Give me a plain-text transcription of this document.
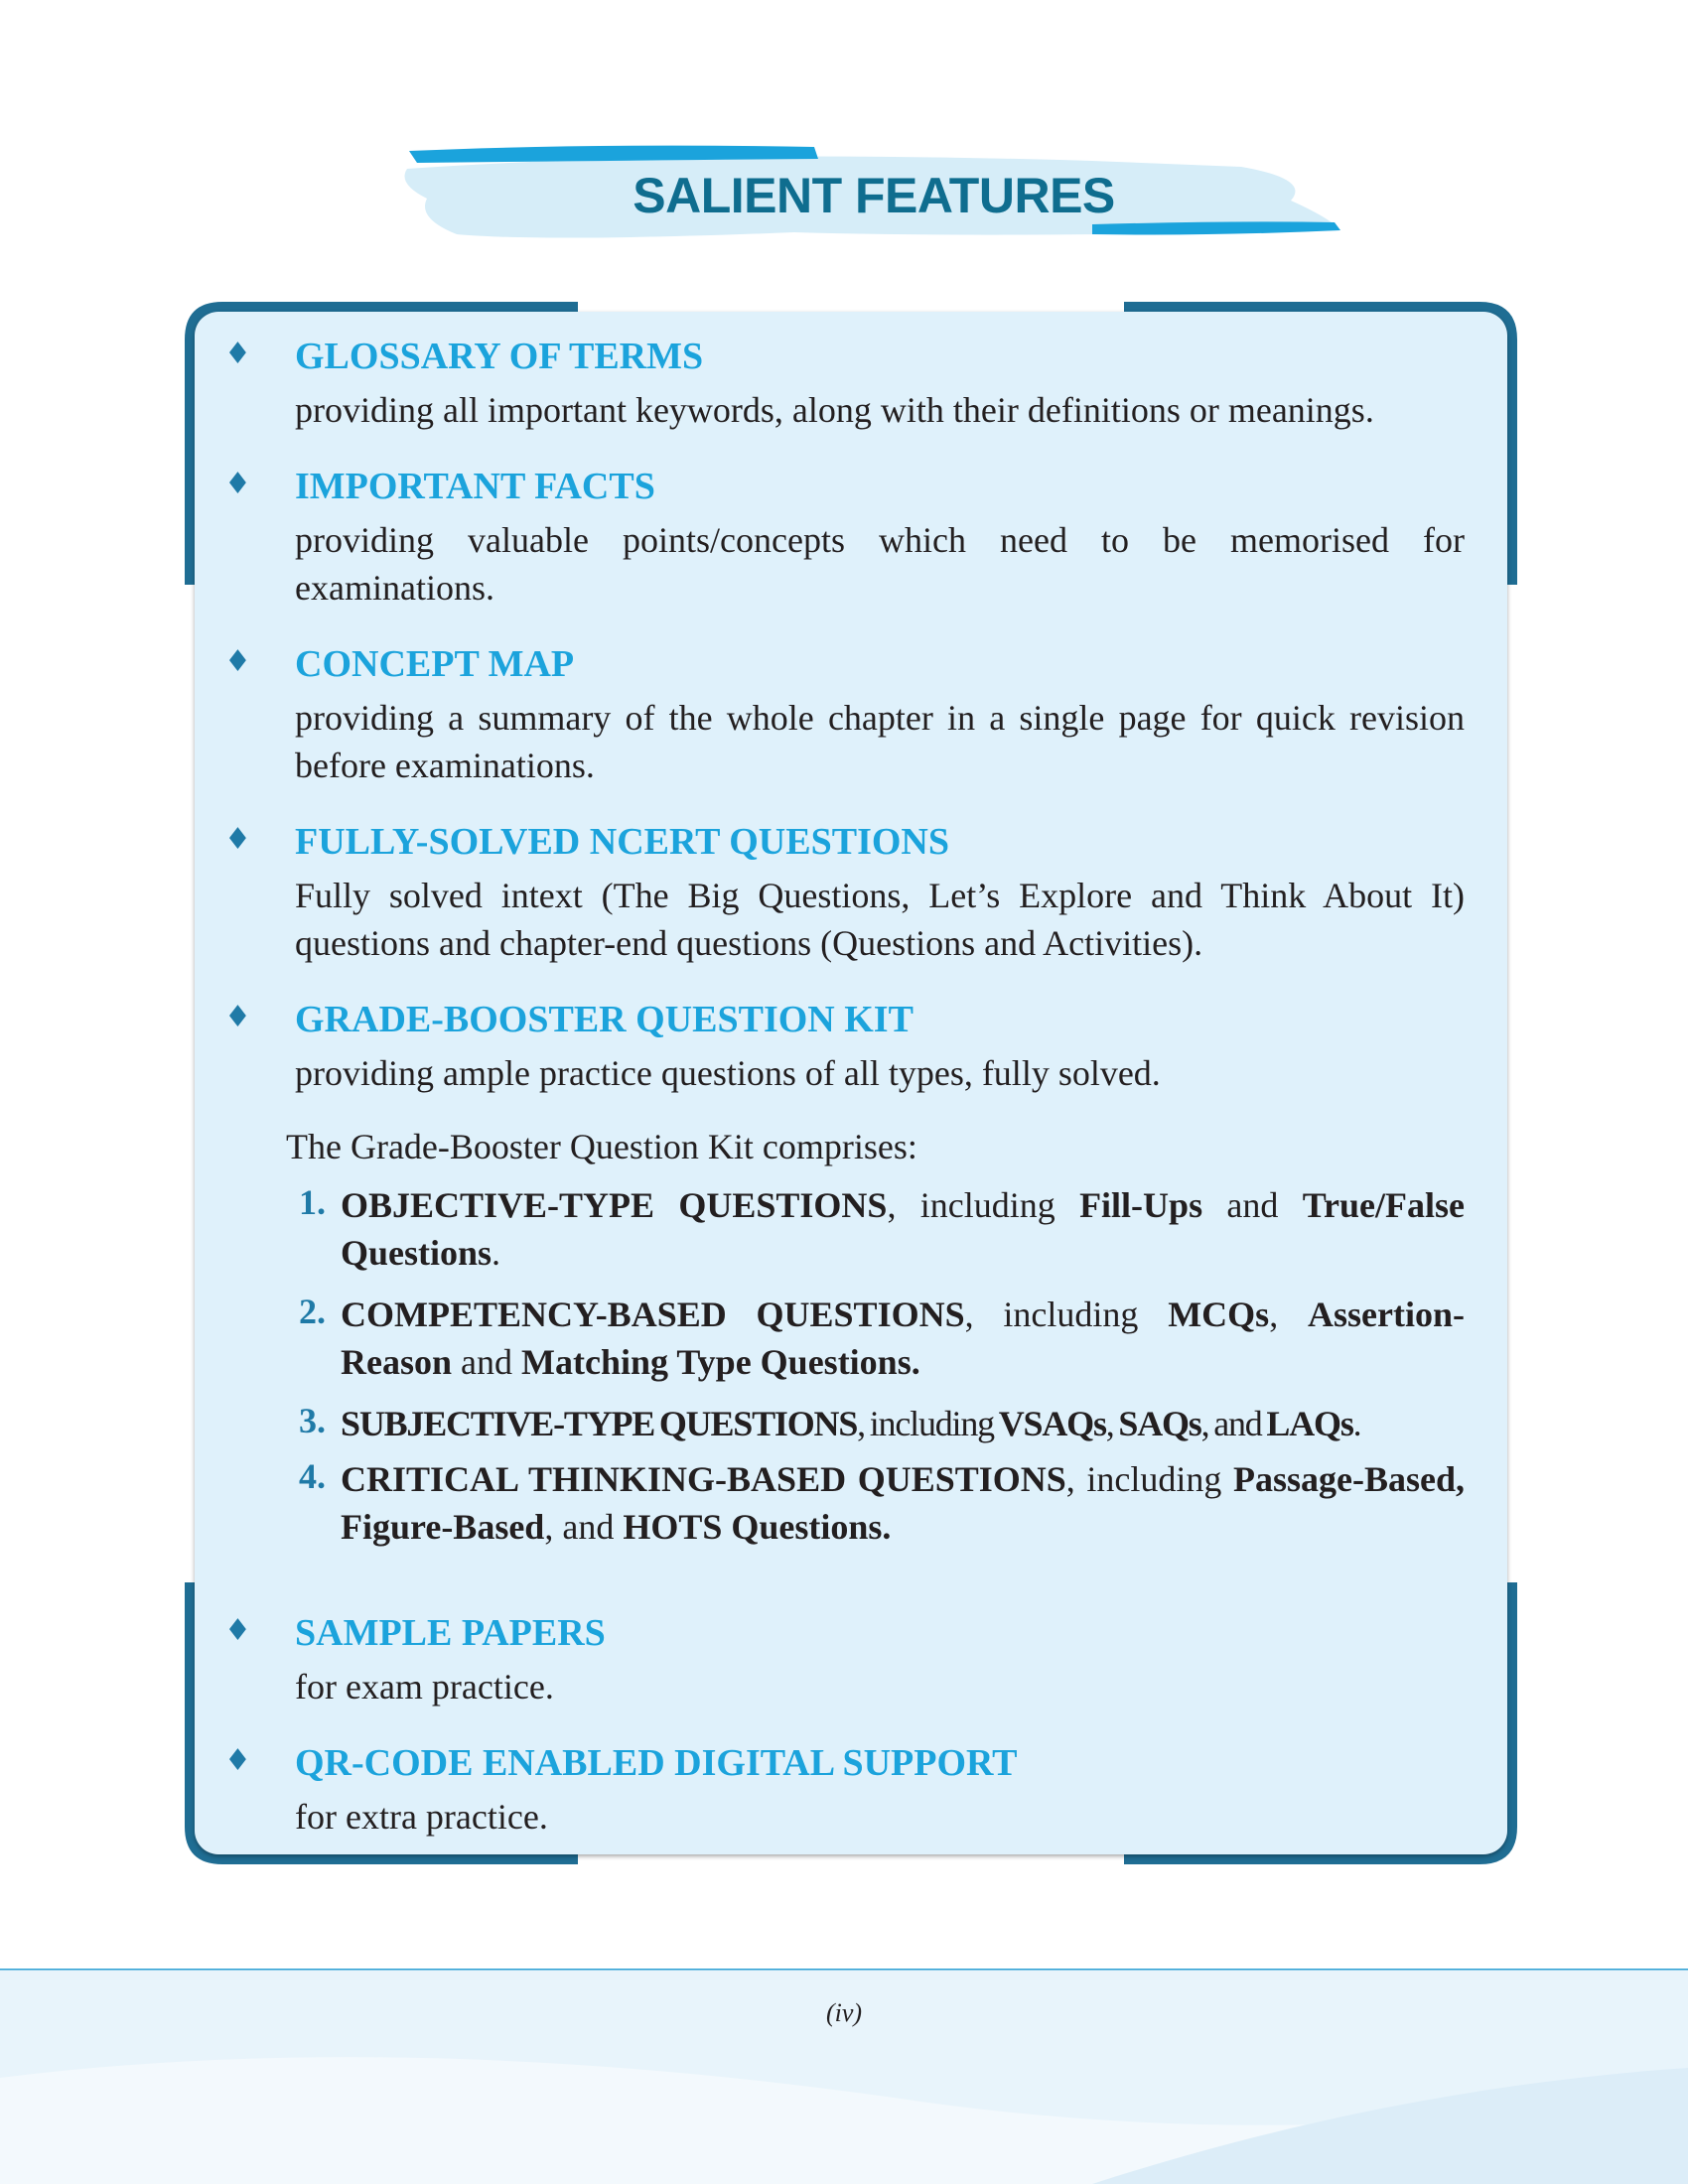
SALIENT FEATURES
♦ GLOSSARY OF TERMS
providing all important keywords, along with their definitions or meanings.
♦ IMPORTANT FACTS
providing valuable points/concepts which need to be memorised for examinations.
♦ CONCEPT MAP
providing a summary of the whole chapter in a single page for quick revision before examinations.
♦ FULLY-SOLVED NCERT QUESTIONS
Fully solved intext (The Big Questions, Let’s Explore and Think About It) questions and chapter-end questions (Questions and Activities).
♦ GRADE-BOOSTER QUESTION KIT
providing ample practice questions of all types, fully solved.
The Grade-Booster Question Kit comprises:
1. OBJECTIVE-TYPE QUESTIONS, including Fill-Ups and True/False Questions.
2. COMPETENCY-BASED QUESTIONS, including MCQs, Assertion-Reason and Matching Type Questions.
3. SUBJECTIVE-TYPE QUESTIONS, including VSAQs, SAQs, and LAQs.
4. CRITICAL THINKING-BASED QUESTIONS, including Passage-Based, Figure-Based, and HOTS Questions.
♦ SAMPLE PAPERS
for exam practice.
♦ QR-CODE ENABLED DIGITAL SUPPORT
for extra practice.
(iv)
